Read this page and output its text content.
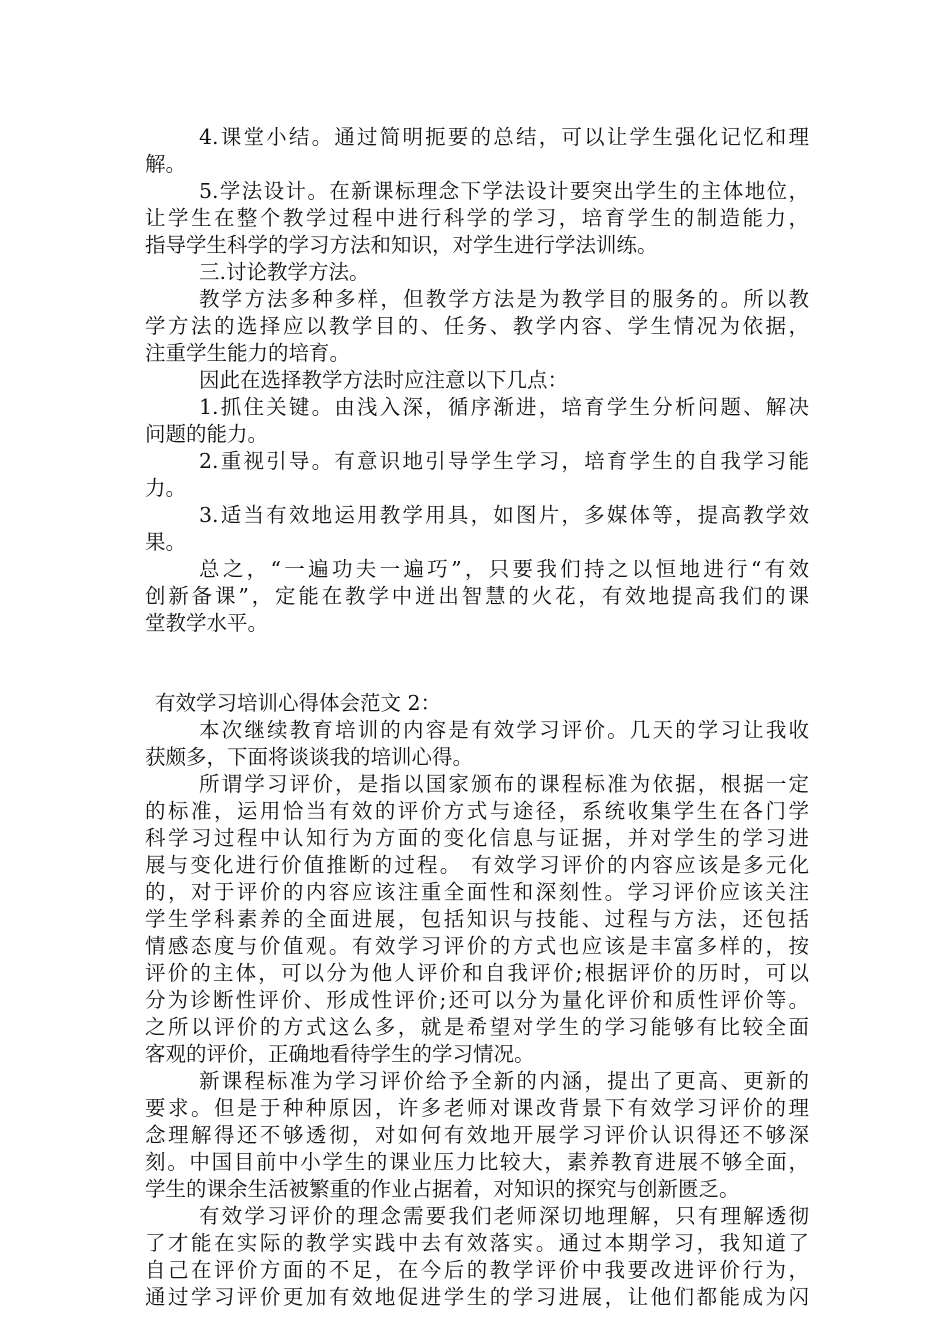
4.课堂小结。通过简明扼要的总结，可以让学生强化记忆和理
解。
5.学法设计。在新课标理念下学法设计要突出学生的主体地位，
让学生在整个教学过程中进行科学的学习，培育学生的制造能力，
指导学生科学的学习方法和知识，对学生进行学法训练。
三.讨论教学方法。
教学方法多种多样，但教学方法是为教学目的服务的。所以教
学方法的选择应以教学目的、任务、教学内容、学生情况为依据，
注重学生能力的培育。
因此在选择教学方法时应注意以下几点：
1.抓住关键。由浅入深，循序渐进，培育学生分析问题、解决
问题的能力。
2.重视引导。有意识地引导学生学习，培育学生的自我学习能
力。
3.适当有效地运用教学用具，如图片，多媒体等，提高教学效
果。
总之，“一遍功夫一遍巧”，只要我们持之以恒地进行“有效
创新备课”，定能在教学中迸出智慧的火花，有效地提高我们的课
堂教学水平。
有效学习培训心得体会范文 2：
本次继续教育培训的内容是有效学习评价。几天的学习让我收
获颇多，下面将谈谈我的培训心得。
所谓学习评价，是指以国家颁布的课程标准为依据，根据一定
的标准，运用恰当有效的评价方式与途径，系统收集学生在各门学
科学习过程中认知行为方面的变化信息与证据，并对学生的学习进
展与变化进行价值推断的过程。 有效学习评价的内容应该是多元化
的，对于评价的内容应该注重全面性和深刻性。学习评价应该关注
学生学科素养的全面进展，包括知识与技能、过程与方法，还包括
情感态度与价值观。有效学习评价的方式也应该是丰富多样的，按
评价的主体，可以分为他人评价和自我评价;根据评价的历时，可以
分为诊断性评价、形成性评价;还可以分为量化评价和质性评价等。
之所以评价的方式这么多，就是希望对学生的学习能够有比较全面
客观的评价，正确地看待学生的学习情况。
新课程标准为学习评价给予全新的内涵，提出了更高、更新的
要求。但是于种种原因，许多老师对课改背景下有效学习评价的理
念理解得还不够透彻，对如何有效地开展学习评价认识得还不够深
刻。中国目前中小学生的课业压力比较大，素养教育进展不够全面，
学生的课余生活被繁重的作业占据着，对知识的探究与创新匮乏。
有效学习评价的理念需要我们老师深切地理解，只有理解透彻
了才能在实际的教学实践中去有效落实。通过本期学习，我知道了
自己在评价方面的不足，在今后的教学评价中我要改进评价行为，
通过学习评价更加有效地促进学生的学习进展，让他们都能成为闪
